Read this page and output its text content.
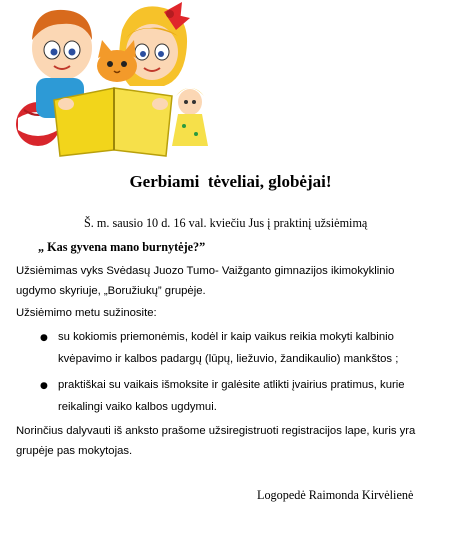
Gerbiami  tėveliai, globėjai!
Š. m. sausio 10 d. 16 val. kviečiu Jus į praktinį užsiėmimą
„ Kas gyvena mano burnytėje?”
Užsiėmimas vyks Svėdasų Juozo Tumo- Vaižganto gimnazijos ikimokyklinio
ugdymo skyriuje, „Boružiukų” grupėje.
Užsiėmimo metu sužinosite:
● su kokiomis priemonėmis, kodėl ir kaip vaikus reikia mokyti kalbinio
kvėpavimo ir kalbos padargų (lūpų, liežuvio, žandikaulio) mankštos ;
● praktiškai su vaikais išmoksite ir galėsite atlikti įvairius pratimus, kurie
reikalingi vaiko kalbos ugdymui.
Norinčius dalyvauti iš anksto prašome užsiregistruoti registracijos lape, kuris yra
grupėje pas mokytojas.
Logopedė Raimonda Kirvėlienė
